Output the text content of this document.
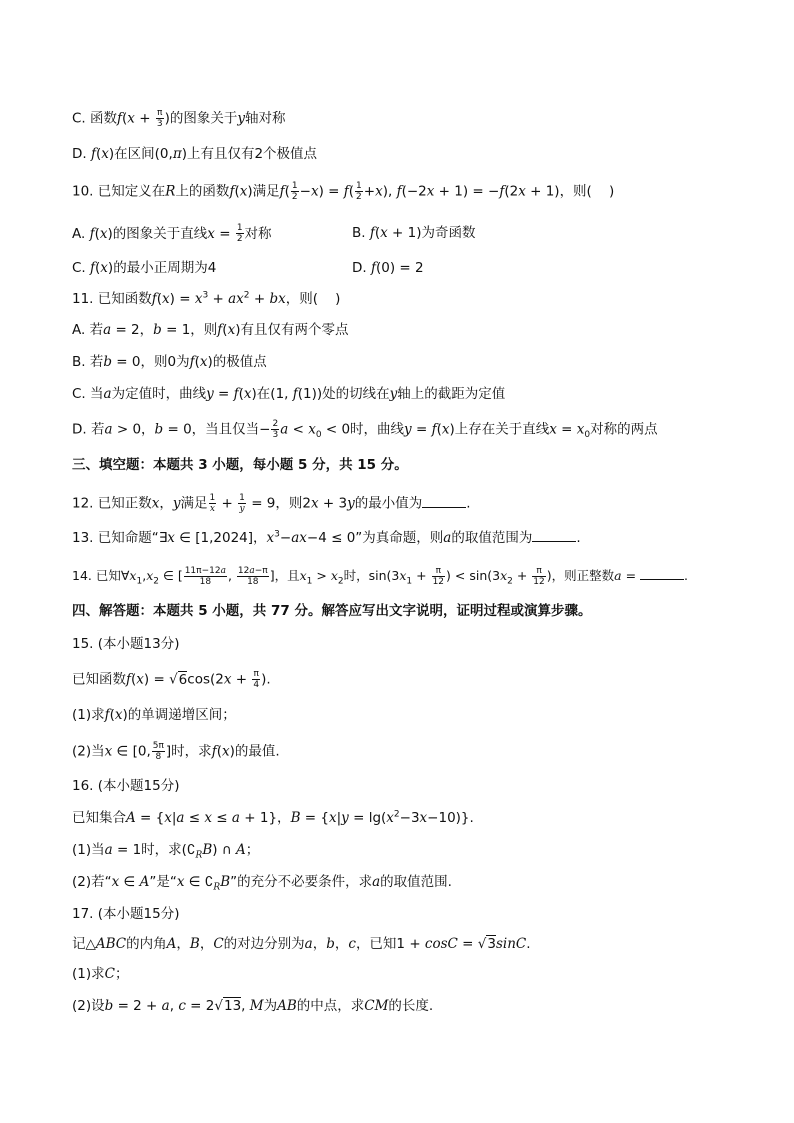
C. 函数$f(x + \frac{\pi}{3}$ )的图象关于y轴对称
D. f(x)在区间(0,π)上有且仅有2个极值点
10. 已知定义在R上的函数f(x)满足$f( \frac{1}{2} -x) = f( \frac{1}{2} +x)$, f(−2x + 1) = −f(2x + 1)，则(    )
A. f(x)的图象关于直线$x = \frac{1}{2}$ 对称	B. f(x + 1)为奇函数
C. f(x)的最小正周期为4	D. f(0) = 2
11. 已知函数$f(x) = x^3 + ax^2$ + bx，则(    )
A. 若a = 2，b = 1，则f(x)有且仅有两个零点
B. 若b = 0，则0为f(x)的极值点
C. 当a为定值时，曲线y = f(x)在(1, f(1))处的切线在y轴上的截距为定值
D. 若a > 0，b = 0，当且仅当− $\frac{2}{3}$ $a < x_0 < 0$时，曲线y = f(x)上存在关于直线$x = x_0$对称的两点
三、填空题：本题共 3 小题，每小题 5 分，共 15 分。
12. 已知正数x，y满足 $\frac{1}{x} + \frac{1}{y} = 9$，则2x + 3y的最小值为	.
13. 已知命题“∃x ∈ [1,2024]，$x^3-ax-4 \le 0$”为真命题，则a的取值范围为	.
14. 已知$\forall x_1,x_2$ ∈ [ $\frac{11\pi-12a}{18}$ , $\frac{12a-\pi}{18}$ ]，且$x_1 > x_2$时，$\sin(3x_1 + \frac{\pi}{12}$ ) < $\sin(3x_2 + \frac{\pi}{12}$ )，则正整数a =	.
四、解答题：本题共 5 小题，共 77 分。解答应写出文字说明，证明过程或演算步骤。
15. (本小题13分)
已知函数$f(x) = √6\cos(2x + \frac{\pi}{4}$ ).
(1)求f(x)的单调递增区间；
(2)当x ∈ [0, $\frac{5\pi}{8}$ ]时，求f(x)的最值.
16. (本小题15分)
已知集合A = {x|a ≤ x ≤ a + 1}，$B = \{x|y = \lg(x^2-3x-10)\}$.
(1)当a = 1时，求$(∁_RB)$ ∩ A；
(2)若“x ∈ A”是“x ∈ $∁_RB$”的充分不必要条件，求a的取值范围.
17. (本小题15分)
记△ABC的内角A，B，C的对边分别为a，b，c，已知1 + cosC = √3sinC.
(1)求C；
(2)设b = 2 + a, c = 2√13, M为AB的中点，求CM的长度.
